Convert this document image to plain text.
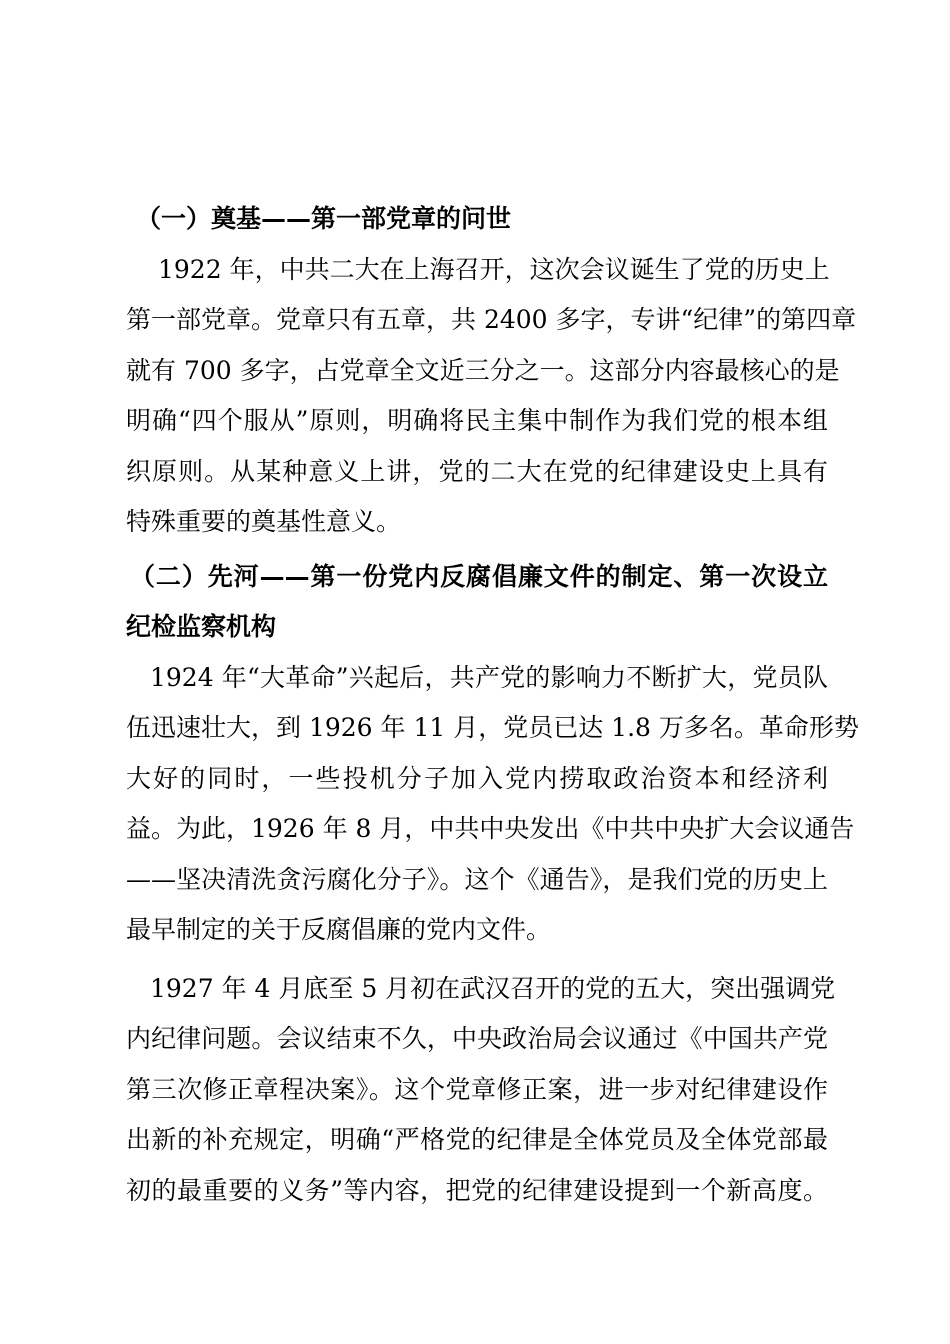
（一）奠基——第一部党章的问世
1922 年，中共二大在上海召开，这次会议诞生了党的历史上
第一部党章。党章只有五章，共 2400 多字，专讲“纪律”的第四章
就有 700 多字，占党章全文近三分之一。这部分内容最核心的是
明确“四个服从”原则，明确将民主集中制作为我们党的根本组
织原则。从某种意义上讲，党的二大在党的纪律建设史上具有
特殊重要的奠基性意义。
（二）先河——第一份党内反腐倡廉文件的制定、第一次设立
纪检监察机构
1924 年“大革命”兴起后，共产党的影响力不断扩大，党员队
伍迅速壮大，到 1926 年 11 月，党员已达 1.8 万多名。革命形势
大好的同时，一些投机分子加入党内捞取政治资本和经济利
益。为此，1926 年 8 月，中共中央发出《中共中央扩大会议通告
——坚决清洗贪污腐化分子》。这个《通告》，是我们党的历史上
最早制定的关于反腐倡廉的党内文件。
1927 年 4 月底至 5 月初在武汉召开的党的五大，突出强调党
内纪律问题。会议结束不久，中央政治局会议通过《中国共产党
第三次修正章程决案》。这个党章修正案，进一步对纪律建设作
出新的补充规定，明确“严格党的纪律是全体党员及全体党部最
初的最重要的义务”等内容，把党的纪律建设提到一个新高度。
